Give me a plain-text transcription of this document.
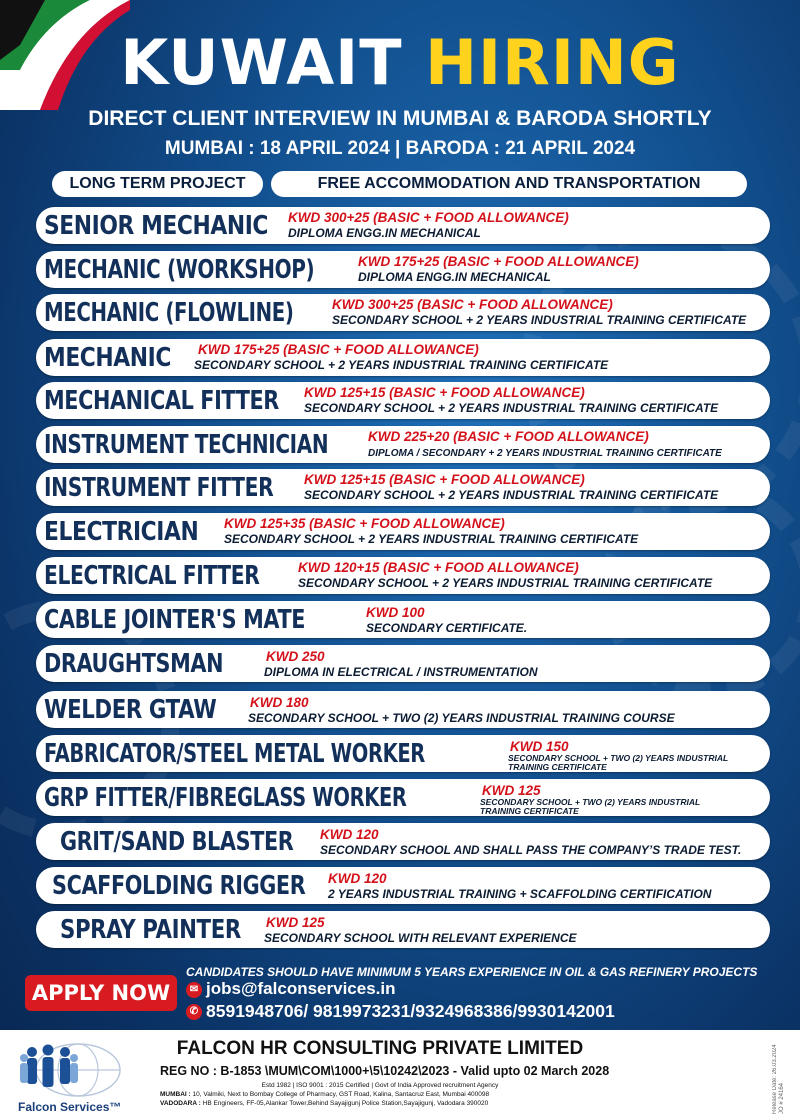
KUWAIT HIRING
DIRECT CLIENT INTERVIEW IN MUMBAI & BARODA SHORTLY
MUMBAI : 18 APRIL 2024 | BARODA : 21 APRIL 2024
LONG TERM PROJECT	FREE ACCOMMODATION AND TRANSPORTATION
SENIOR MECHANIC KWD 300+25 (BASIC + FOOD ALLOWANCE)
DIPLOMA ENGG.IN MECHANICAL
MECHANIC (WORKSHOP)	KWD 175+25 (BASIC + FOOD ALLOWANCE)
DIPLOMA ENGG.IN MECHANICAL
MECHANIC (FLOWLINE)	KWD 300+25 (BASIC + FOOD ALLOWANCE)
SECONDARY SCHOOL + 2 YEARS INDUSTRIAL TRAINING CERTIFICATE
MECHANIC KWD 175+25 (BASIC + FOOD ALLOWANCE)
SECONDARY SCHOOL + 2 YEARS INDUSTRIAL TRAINING CERTIFICATE
MECHANICAL FITTER KWD 125+15 (BASIC + FOOD ALLOWANCE)
SECONDARY SCHOOL + 2 YEARS INDUSTRIAL TRAINING CERTIFICATE
INSTRUMENT TECHNICIAN	KWD 225+20 (BASIC + FOOD ALLOWANCE)
DIPLOMA / SECONDARY + 2 YEARS INDUSTRIAL TRAINING CERTIFICATE
INSTRUMENT FITTER KWD 125+15 (BASIC + FOOD ALLOWANCE)
SECONDARY SCHOOL + 2 YEARS INDUSTRIAL TRAINING CERTIFICATE
ELECTRICIAN KWD 125+35 (BASIC + FOOD ALLOWANCE)
SECONDARY SCHOOL + 2 YEARS INDUSTRIAL TRAINING CERTIFICATE
ELECTRICAL FITTER	KWD 120+15 (BASIC + FOOD ALLOWANCE)
SECONDARY SCHOOL + 2 YEARS INDUSTRIAL TRAINING CERTIFICATE
CABLE JOINTER'S MATE	KWD 100
SECONDARY CERTIFICATE.
DRAUGHTSMAN	KWD 250
DIPLOMA IN ELECTRICAL / INSTRUMENTATION
WELDER GTAW KWD 180
SECONDARY SCHOOL + TWO (2) YEARS INDUSTRIAL TRAINING COURSE
FABRICATOR/STEEL METAL WORKER	KWD 150
SECONDARY SCHOOL + TWO (2) YEARS INDUSTRIAL TRAINING CERTIFICATE
GRP FITTER/FIBREGLASS WORKER	KWD 125
SECONDARY SCHOOL + TWO (2) YEARS INDUSTRIAL TRAINING CERTIFICATE
GRIT/SAND BLASTER KWD 120
SECONDARY SCHOOL AND SHALL PASS THE COMPANY’S TRADE TEST.
SCAFFOLDING RIGGER KWD 120
2 YEARS INDUSTRIAL TRAINING + SCAFFOLDING CERTIFICATION
SPRAY PAINTER KWD 125
SECONDARY SCHOOL WITH RELEVANT EXPERIENCE
CANDIDATES SHOULD HAVE MINIMUM 5 YEARS EXPERIENCE IN OIL & GAS REFINERY PROJECTS
APPLY NOW	✉ jobs@falconservices.in
✆ 8591948706/ 9819973231/9324968386/9930142001
Falcon Services™
FALCON HR CONSULTING PRIVATE LIMITED
REG NO : B-1853 \MUM\COM\1000+\5\10242\2023 - Valid upto 02 March 2028
Estd 1982 | ISO 9001 : 2015 Certified | Govt of India Approved recruitment Agency
MUMBAI : 10, Valmiki, Next to Bombay College of Pharmacy, GST Road, Kalina, Santacruz East, Mumbai 400098
VADODARA : HB Engineers, FF-05,Alankar Tower,Behind Sayajigunj Police Station,Sayajigunj, Vadodara 390020	Release Date: 26.03.2024
JO # 24164
